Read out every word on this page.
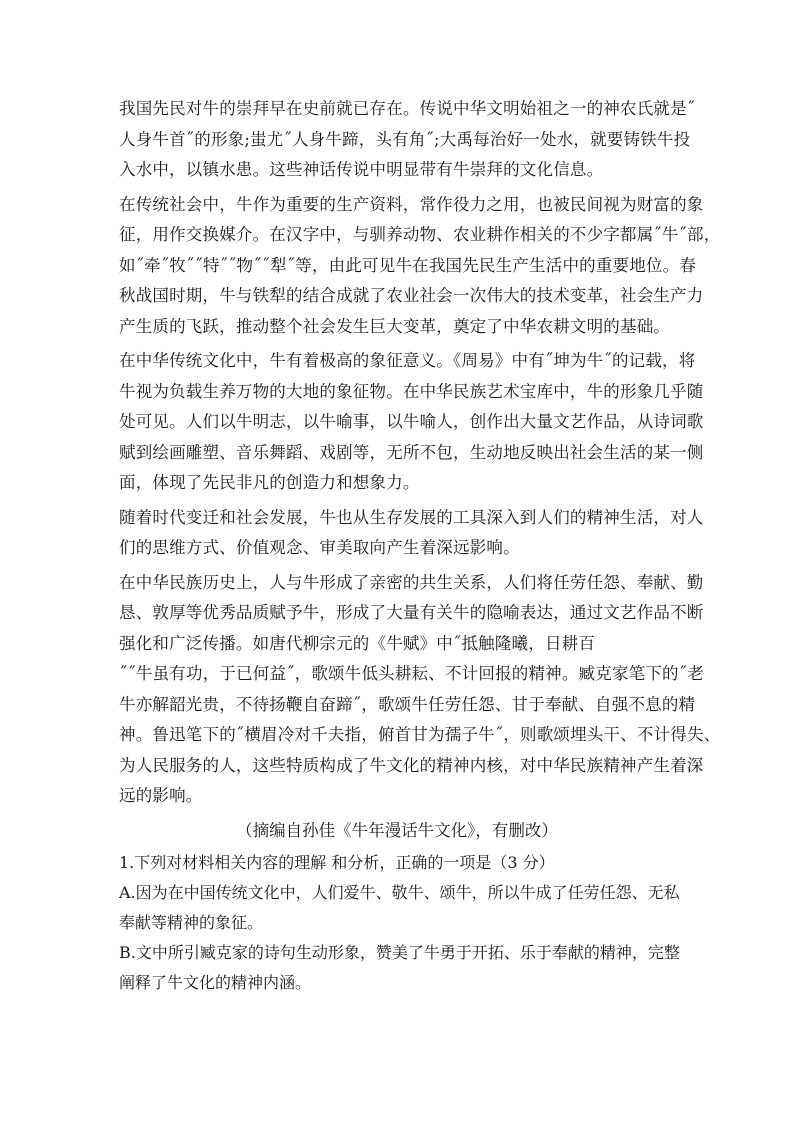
我国先民对牛的崇拜早在史前就已存在。传说中华文明始祖之一的神农氏就是˝
人身牛首˝的形象;蚩尤˝人身牛蹄，头有角˝;大禹每治好一处水，就要铸铁牛投
入水中，以镇水患。这些神话传说中明显带有牛崇拜的文化信息。
在传统社会中，牛作为重要的生产资料，常作役力之用，也被民间视为财富的象
征，用作交换媒介。在汉字中，与驯养动物、农业耕作相关的不少字都属˝牛˝部，
如˝牵˝牧˝˝特˝˝物˝˝犁˝等，由此可见牛在我国先民生产生活中的重要地位。春
秋战国时期，牛与铁犁的结合成就了农业社会一次伟大的技术变革，社会生产力
产生质的飞跃，推动整个社会发生巨大变革，奠定了中华农耕文明的基础。
在中华传统文化中，牛有着极高的象征意义。《周易》中有˝坤为牛˝的记载，将
牛视为负载生养万物的大地的象征物。在中华民族艺术宝库中，牛的形象几乎随
处可见。人们以牛明志，以牛喻事，以牛喻人，创作出大量文艺作品，从诗词歌
赋到绘画雕塑、音乐舞蹈、戏剧等，无所不包，生动地反映出社会生活的某一侧
面，体现了先民非凡的创造力和想象力。
随着时代变迁和社会发展，牛也从生存发展的工具深入到人们的精神生活，对人
们的思维方式、价值观念、审美取向产生着深远影响。
在中华民族历史上，人与牛形成了亲密的共生关系，人们将任劳任怨、奉献、勤
恳、敦厚等优秀品质赋予牛，形成了大量有关牛的隐喻表达，通过文艺作品不断
强化和广泛传播。如唐代柳宗元的《牛赋》中˝抵触隆曦，日耕百
˝˝牛虽有功，于已何益˝，歌颂牛低头耕耘、不计回报的精神。臧克家笔下的˝老
牛亦解韶光贵，不待扬鞭自奋蹄˝，歌颂牛任劳任怨、甘于奉献、自强不息的精
神。鲁迅笔下的˝横眉冷对千夫指，俯首甘为孺子牛˝，则歌颂埋头干、不计得失、
为人民服务的人，这些特质构成了牛文化的精神内核，对中华民族精神产生着深
远的影响。
（摘编自孙佳《牛年漫话牛文化》，有删改）
1.下列对材料相关内容的理解 和分析，正确的一项是（3 分）
A.因为在中国传统文化中，人们爱牛、敬牛、颂牛，所以牛成了任劳任怨、无私
奉献等精神的象征。
B.文中所引臧克家的诗句生动形象，赞美了牛勇于开拓、乐于奉献的精神，完整
阐释了牛文化的精神内涵。
